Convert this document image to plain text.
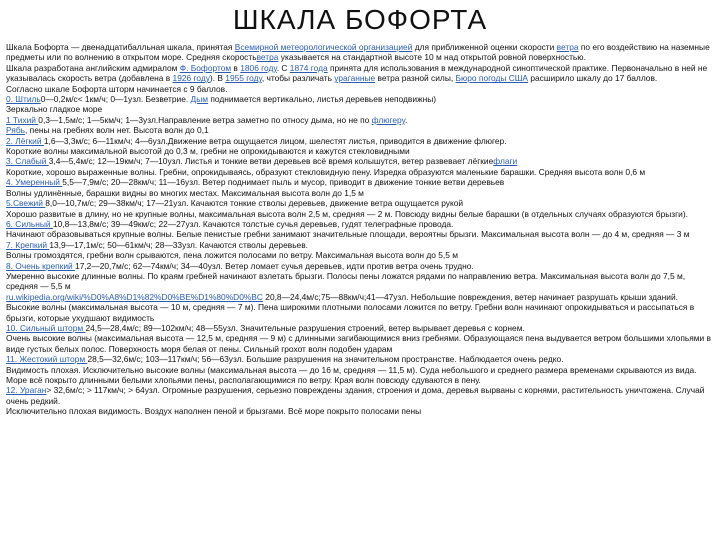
ШКАЛА БОФОРТА

Шкала Бофорта — двенадцатибалльная шкала, принятая Всемирной метеорологической организацией для приближенной оценки скорости ветра по его воздействию на наземные предметы или по волнению в открытом море. Средняя скоростьветра указывается на стандартной высоте 10 м над открытой ровной поверхностью.

Шкала разработана английским адмиралом Ф. Бофортом в 1806 году. С 1874 года принята для использования в международной синоптической практике. Первоначально в ней не указывалась скорость ветра (добавлена в 1926 году). В 1955 году, чтобы различать ураганные ветра разной силы, Бюро погоды США расширило шкалу до 17 баллов.

Согласно шкале Бофорта шторм начинается с 9 баллов.

0. Штиль0—0,2м/с< 1км/ч; 0—1узл. Безветрие. Дым поднимается вертикально, листья деревьев неподвижны)

Зеркально гладкое море

1 Тихий 0,3—1,5м/с; 1—5км/ч; 1—3узл.Направление ветра заметно по относу дыма, но не по флюгеру.

Рябь, пены на гребнях волн нет. Высота волн до 0,1

2. Лёгкий 1,6—3,3м/с; 6—11км/ч; 4—6узл.Движение ветра ощущается лицом, шелестят листья, приводится в движение флюгер.

Короткие волны максимальной высотой до 0,3 м, гребни не опрокидываются и кажутся стекловидными

3. Слабый 3,4—5,4м/с; 12—19км/ч; 7—10узл. Листья и тонкие ветви деревьев всё время колышутся, ветер развевает лёгкиефлаги

Короткие, хорошо выраженные волны. Гребни, опрокидываясь, образуют стекловидную пену. Изредка образуются маленькие барашки. Средняя высота волн 0,6 м

4. Умеренный 5,5—7,9м/с; 20—28км/ч; 11—16узл. Ветер поднимает пыль и мусор, приводит в движение тонкие ветви деревьев

Волны удлинённые, барашки видны во многих местах. Максимальная высота волн до 1,5 м

5.Свежий 8,0—10,7м/с; 29—38км/ч; 17—21узл. Качаются тонкие стволы деревьев, движение ветра ощущается рукой

Хорошо развитые в длину, но не крупные волны, максимальная высота волн 2,5 м, средняя — 2 м. Повсюду видны белые барашки (в отдельных случаях образуются брызги).

6. Сильный 10,8—13,8м/с; 39—49км/с; 22—27узл. Качаются толстые сучья деревьев, гудят телеграфные провода.

Начинают образовываться крупные волны. Белые пенистые гребни занимают значительные площади, вероятны брызги. Максимальная высота волн — до 4 м, средняя — 3 м

7. Крепкий 13,9—17,1м/с; 50—61км/ч; 28—33узл. Качаются стволы деревьев.

Волны громоздятся, гребни волн срываются, пена ложится полосами по ветру. Максимальная высота волн до 5,5 м

8. Очень крепкий 17,2—20,7м/с; 62—74км/ч; 34—40узл. Ветер ломает сучья деревьев, идти против ветра очень трудно.

Умеренно высокие длинные волны. По краям гребней начинают взлетать брызги. Полосы пены ложатся рядами по направлению ветра. Максимальная высота волн до 7,5 м, средняя — 5,5 м

ru.wikipedia.org/wiki/%D0%A8%D1%82%D0%BE%D1%80%D0%BC 20,8—24,4м/с;75—88км/ч;41—47узл. Небольшие повреждения, ветер начинает разрушать крыши зданий.

Высокие волны (максимальная высота — 10 м, средняя — 7 м). Пена широкими плотными полосами ложится по ветру. Гребни волн начинают опрокидываться и рассыпаться в брызги, которые ухудшают видимость

10. Сильный шторм 24,5—28,4м/с; 89—102км/ч; 48—55узл. Значительные разрушения строений, ветер вырывает деревья с корнем.

Очень высокие волны (максимальная высота — 12,5 м, средняя — 9 м) с длинными загибающимися вниз гребнями. Образующаяся пена выдувается ветром большими хлопьями в виде густых белых полос. Поверхность моря белая от пены. Сильный грохот волн подобен ударам

11. Жестокий шторм 28,5—32,6м/с; 103—117км/ч; 56—63узл. Большие разрушения на значительном пространстве. Наблюдается очень редко.

Видимость плохая. Исключительно высокие волны (максимальная высота — до 16 м, средняя — 11,5 м). Суда небольшого и среднего размера временами скрываются из вида. Море всё покрыто длинными белыми хлопьями пены, располагающимися по ветру. Края волн повсюду сдуваются в пену.

12. Ураган> 32,6м/с; > 117км/ч; > 64узл. Огромные разрушения, серьезно повреждены здания, строения и дома, деревья вырваны с корнями, растительность уничтожена. Случай очень редкий.

Исключительно плохая видимость. Воздух наполнен пеной и брызгами. Всё море покрыто полосами пены
